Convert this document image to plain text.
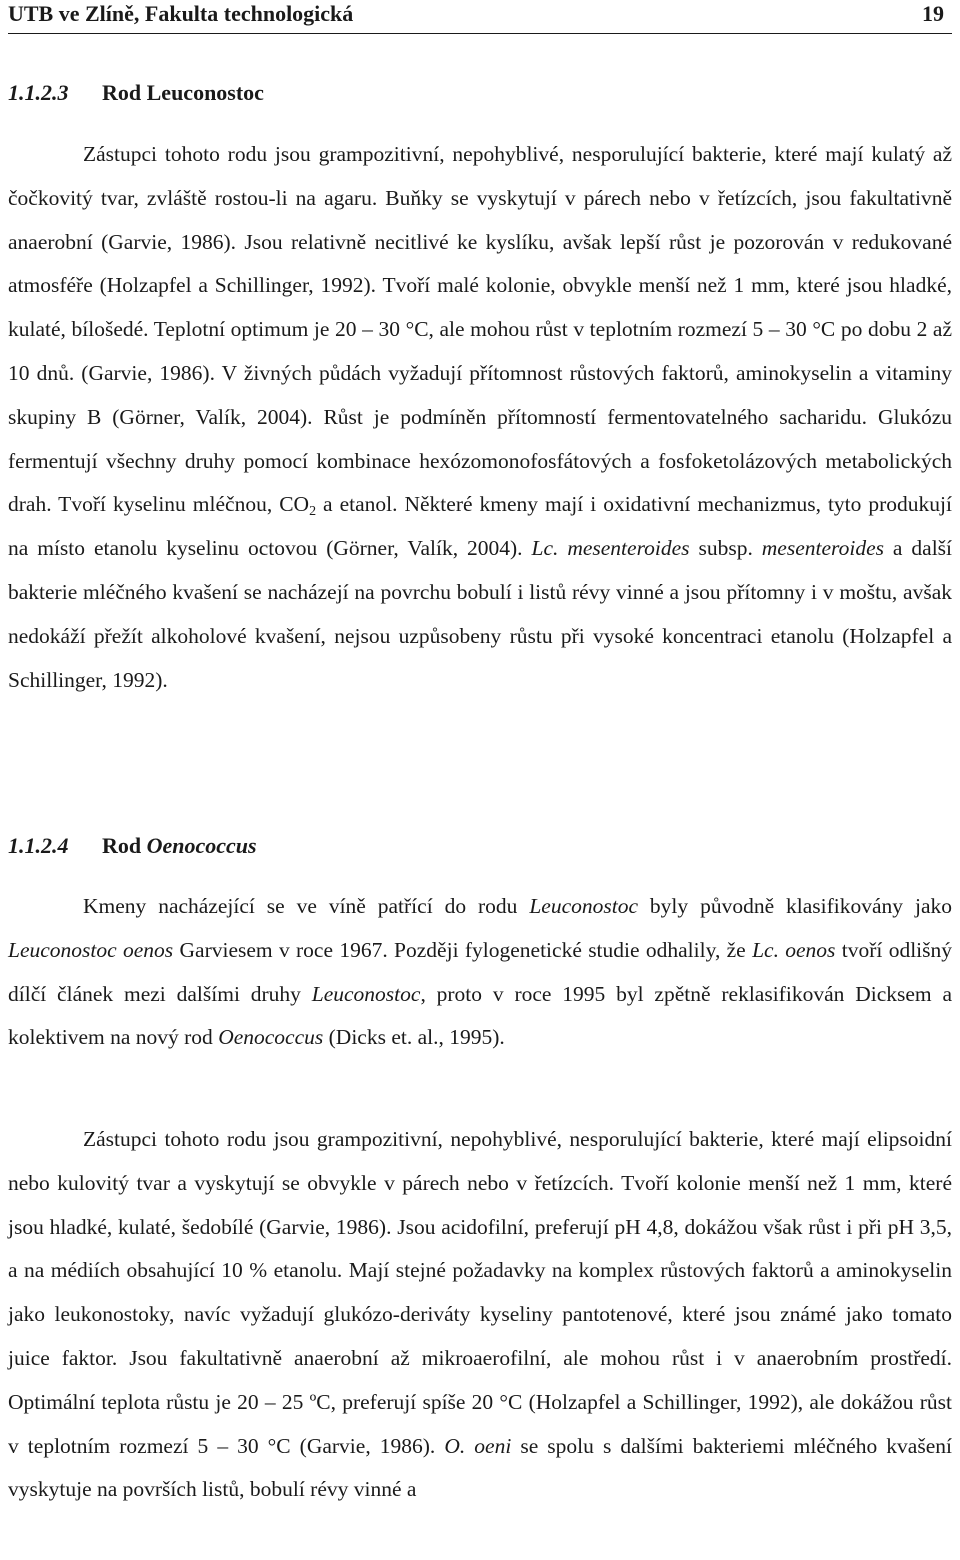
UTB ve Zlíně, Fakulta technologická	19
1.1.2.3 Rod Leuconostoc
Zástupci tohoto rodu jsou grampozitivní, nepohyblivé, nesporulující bakterie, které mají kulatý až čočkovitý tvar, zvláště rostou-li na agaru. Buňky se vyskytují v párech nebo v řetízcích, jsou fakultativně anaerobní (Garvie, 1986). Jsou relativně necitlivé ke kyslíku, avšak lepší růst je pozorován v redukované atmosféře (Holzapfel a Schillinger, 1992). Tvoří malé kolonie, obvykle menší než 1 mm, které jsou hladké, kulaté, bílošedé. Teplotní optimum je 20 – 30 °C, ale mohou růst v teplotním rozmezí 5 – 30 °C po dobu 2 až 10 dnů. (Garvie, 1986). V živných půdách vyžadují přítomnost růstových faktorů, aminokyselin a vitaminy skupiny B (Görner, Valík, 2004). Růst je podmíněn přítomností fermentovatelného sacharidu. Glukózu fermentují všechny druhy pomocí kombinace hexózomonofosfátových a fosfoketolázových metabolických drah. Tvoří kyselinu mléčnou, $CO_2$ a etanol. Některé kmeny mají i oxidativní mechanizmus, tyto produkují na místo etanolu kyselinu octovou (Görner, Valík, 2004). Lc. mesenteroides subsp. mesenteroides a další bakterie mléčného kvašení se nacházejí na povrchu bobulí i listů révy vinné a jsou přítomny i v moštu, avšak nedokáží přežít alkoholové kvašení, nejsou uzpůsobeny růstu při vysoké koncentraci etanolu (Holzapfel a Schillinger, 1992).
1.1.2.4 Rod Oenococcus
Kmeny nacházející se ve víně patřící do rodu Leuconostoc byly původně klasifikovány jako Leuconostoc oenos Garviesem v roce 1967. Později fylogenetické studie odhalily, že Lc. oenos tvoří odlišný dílčí článek mezi dalšími druhy Leuconostoc, proto v roce 1995 byl zpětně reklasifikován Dicksem a kolektivem na nový rod Oenococcus (Dicks et. al., 1995).
Zástupci tohoto rodu jsou grampozitivní, nepohyblivé, nesporulující bakterie, které mají elipsoidní nebo kulovitý tvar a vyskytují se obvykle v párech nebo v řetízcích. Tvoří kolonie menší než 1 mm, které jsou hladké, kulaté, šedobílé (Garvie, 1986). Jsou acidofilní, preferují pH 4,8, dokážou však růst i při pH 3,5, a na médiích obsahující 10 % etanolu. Mají stejné požadavky na komplex růstových faktorů a aminokyselin jako leukonostoky, navíc vyžadují glukózo-deriváty kyseliny pantotenové, které jsou známé jako tomato juice faktor. Jsou fakultativně anaerobní až mikroaerofilní, ale mohou růst i v anaerobním prostředí. Optimální teplota růstu je 20 – 25 ºC, preferují spíše 20 °C (Holzapfel a Schillinger, 1992), ale dokážou růst v teplotním rozmezí 5 – 30 °C (Garvie, 1986). O. oeni se spolu s dalšími bakteriemi mléčného kvašení vyskytuje na površích listů, bobulí révy vinné a
